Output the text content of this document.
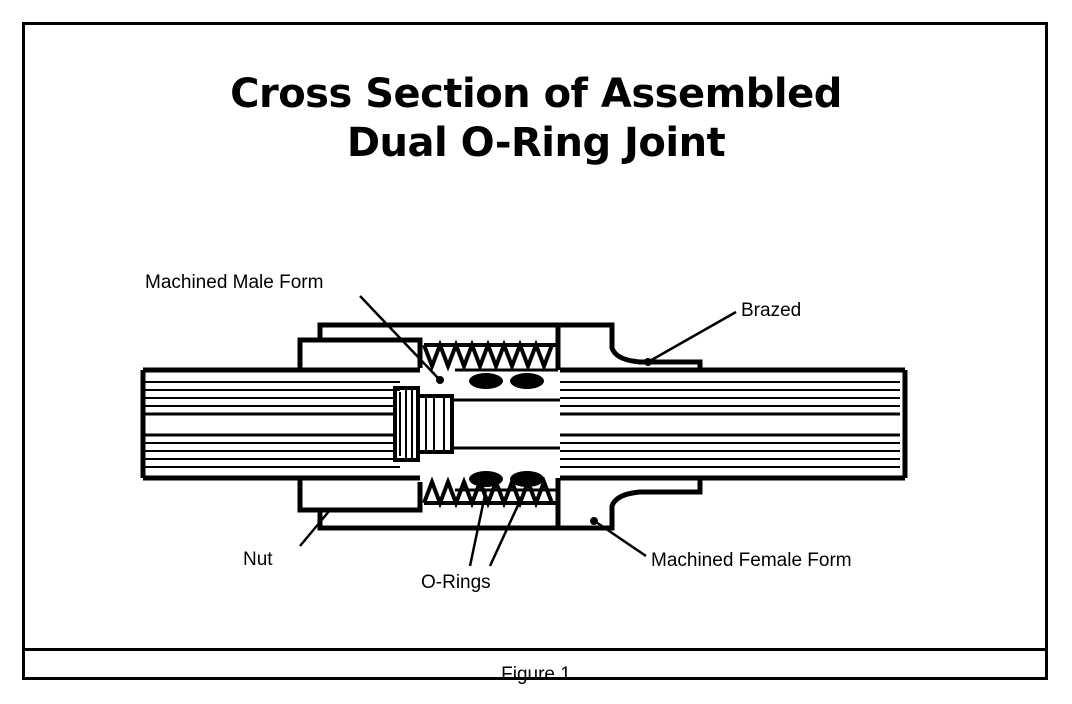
Cross Section of Assembled
Dual O-Ring Joint
Machined Male Form
Brazed
Nut
O-Rings
Machined Female Form
Figure 1
